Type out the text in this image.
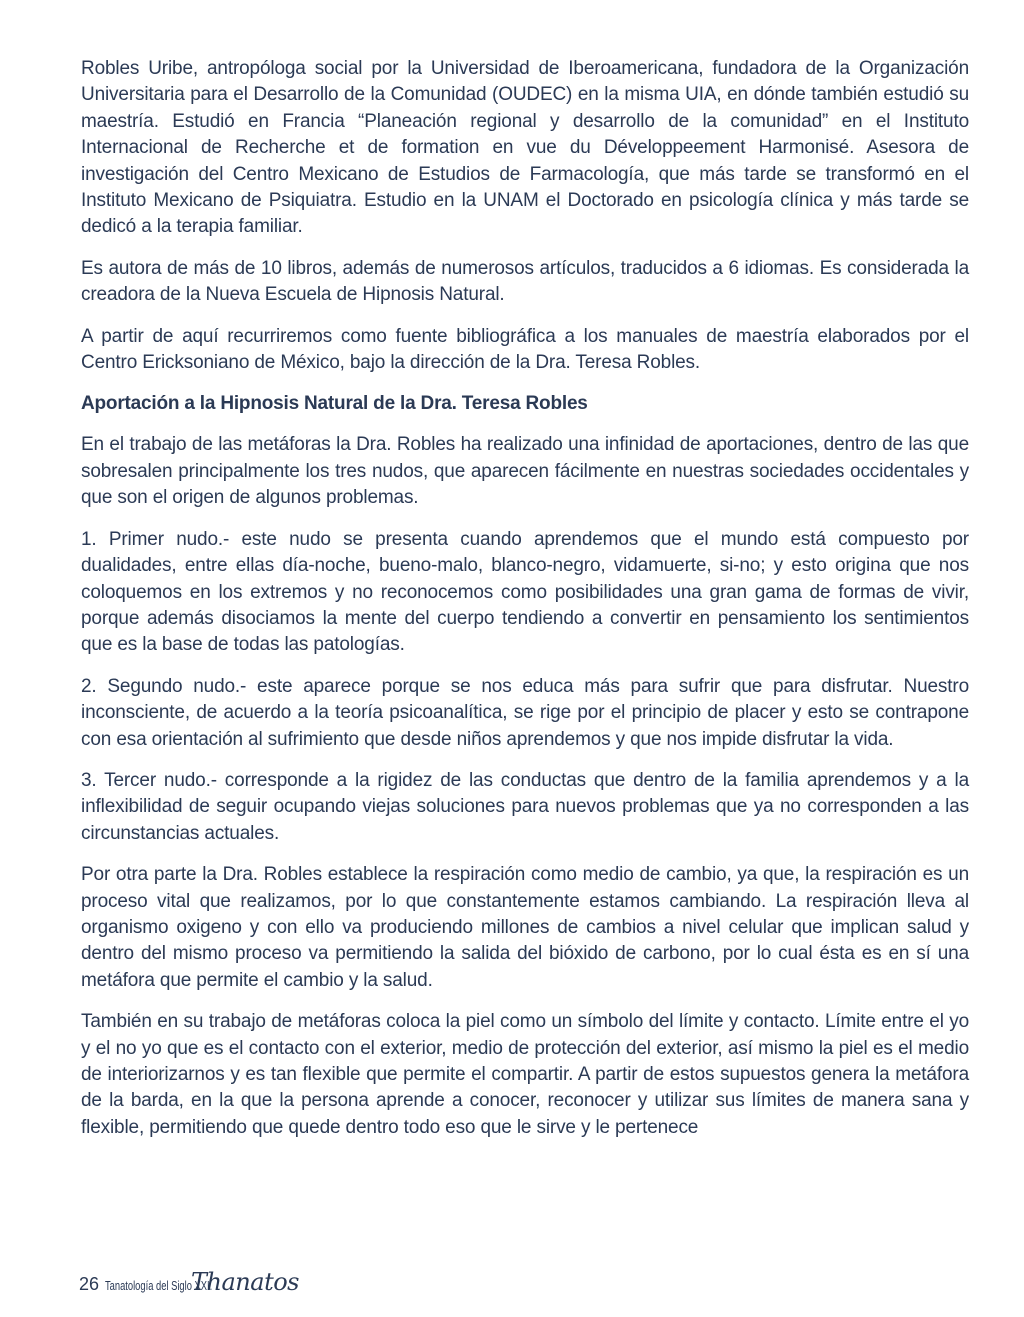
Robles Uribe, antropóloga social por la Universidad de Iberoamericana, fundadora de la Organización Universitaria para el Desarrollo de la Comunidad (OUDEC) en la misma UIA, en dónde también estudió su maestría. Estudió en Francia “Planeación regional y desarrollo de la comunidad” en el Instituto Internacional de Recherche et de formation en vue du Développeement Harmonisé. Asesora de investigación del Centro Mexicano de Estudios de Farmacología, que más tarde se transformó en el Instituto Mexicano de Psiquiatra. Estudio en la UNAM el Doctorado en psicología clínica y más tarde se dedicó a la terapia familiar.

Es autora de más de 10 libros, además de numerosos artículos, traducidos a 6 idiomas. Es considerada la creadora de la Nueva Escuela de Hipnosis Natural.

A partir de aquí recurriremos como fuente bibliográfica a los manuales de maestría elaborados por el Centro Ericksoniano de México, bajo la dirección de la Dra. Teresa Robles.

Aportación a la Hipnosis Natural de la Dra. Teresa Robles

En el trabajo de las metáforas la Dra. Robles ha realizado una infinidad de aportaciones, dentro de las que sobresalen principalmente los tres nudos, que aparecen fácilmente en nuestras sociedades occidentales y que son el origen de algunos problemas.

1. Primer nudo.- este nudo se presenta cuando aprendemos que el mundo está compuesto por dualidades, entre ellas día-noche, bueno-malo, blanco-negro, vidamuerte, si-no; y esto origina que nos coloquemos en los extremos y no reconocemos como posibilidades una gran gama de formas de vivir, porque además disociamos la mente del cuerpo tendiendo a convertir en pensamiento los sentimientos que es la base de todas las patologías.

2. Segundo nudo.- este aparece porque se nos educa más para sufrir que para disfrutar. Nuestro inconsciente, de acuerdo a la teoría psicoanalítica, se rige por el principio de placer y esto se contrapone con esa orientación al sufrimiento que desde niños aprendemos y que nos impide disfrutar la vida.

3. Tercer nudo.- corresponde a la rigidez de las conductas que dentro de la familia aprendemos y a la inflexibilidad de seguir ocupando viejas soluciones para nuevos problemas que ya no corresponden a las circunstancias actuales.

Por otra parte la Dra. Robles establece la respiración como medio de cambio, ya que, la respiración es un proceso vital que realizamos, por lo que constantemente estamos cambiando. La respiración lleva al organismo oxigeno y con ello va produciendo millones de cambios a nivel celular que implican salud y dentro del mismo proceso va permitiendo la salida del bióxido de carbono, por lo cual ésta es en sí una metáfora que permite el cambio y la salud.

También en su trabajo de metáforas coloca la piel como un símbolo del límite y contacto. Límite entre el yo y el no yo que es el contacto con el exterior, medio de protección del exterior, así mismo la piel es el medio de interiorizarnos y es tan flexible que permite el compartir. A partir de estos supuestos genera la metáfora de la barda, en la que la persona aprende a conocer, reconocer y utilizar sus límites de manera sana y flexible, permitiendo que quede dentro todo eso que le sirve y le pertenece

26 Tanatología del Siglo XXI.
Thanatos
